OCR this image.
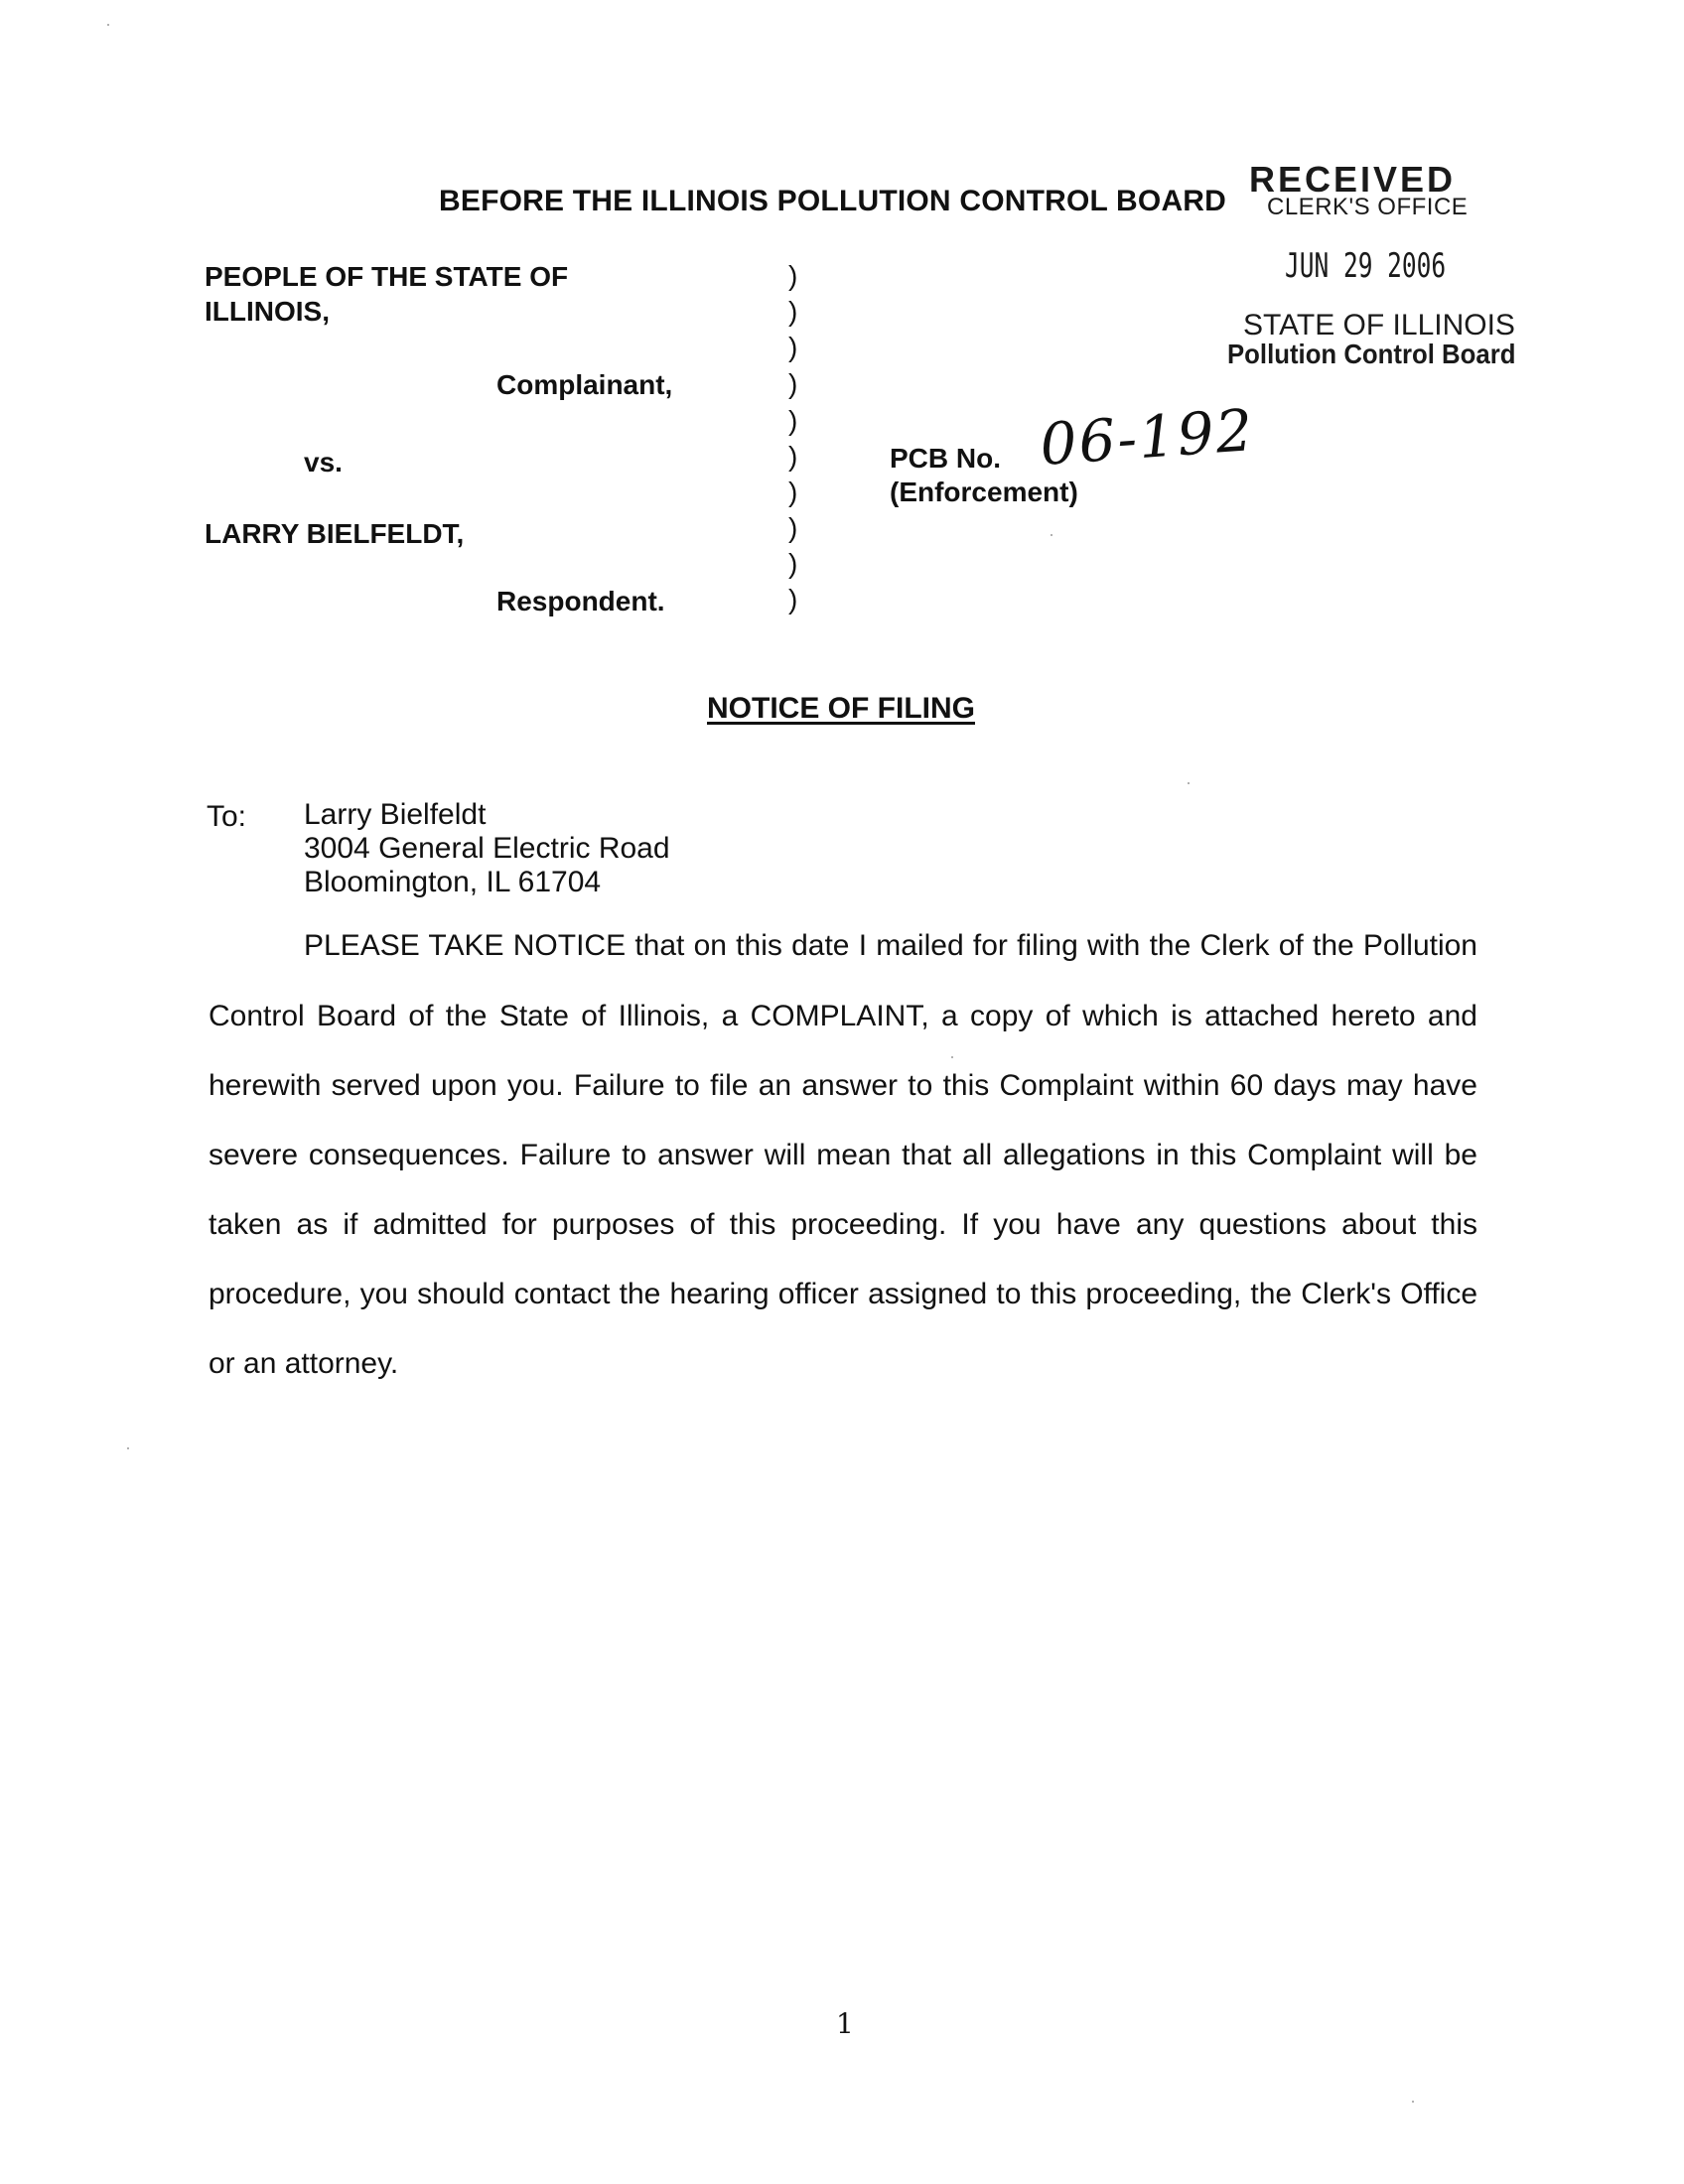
BEFORE THE ILLINOIS POLLUTION CONTROL BOARD
RECEIVED
CLERK'S OFFICE
JUN 29 2006
STATE OF ILLINOIS
Pollution Control Board
PEOPLE OF THE STATE OF
ILLINOIS,
Complainant,
vs.
LARRY BIELFELDT,
Respondent.
)
)
)
)
)
)
)
)
)
)
PCB No. 06-192
(Enforcement)
NOTICE OF FILING
To: Larry Bielfeldt
3004 General Electric Road
Bloomington, IL 61704
PLEASE TAKE NOTICE that on this date I mailed for filing with the Clerk of the Pollution
Control Board of the State of Illinois, a COMPLAINT, a copy of which is attached hereto and
herewith served upon you. Failure to file an answer to this Complaint within 60 days may have
severe consequences. Failure to answer will mean that all allegations in this Complaint will be
taken as if admitted for purposes of this proceeding. If you have any questions about this
procedure, you should contact the hearing officer assigned to this proceeding, the Clerk's Office
or an attorney.
1
